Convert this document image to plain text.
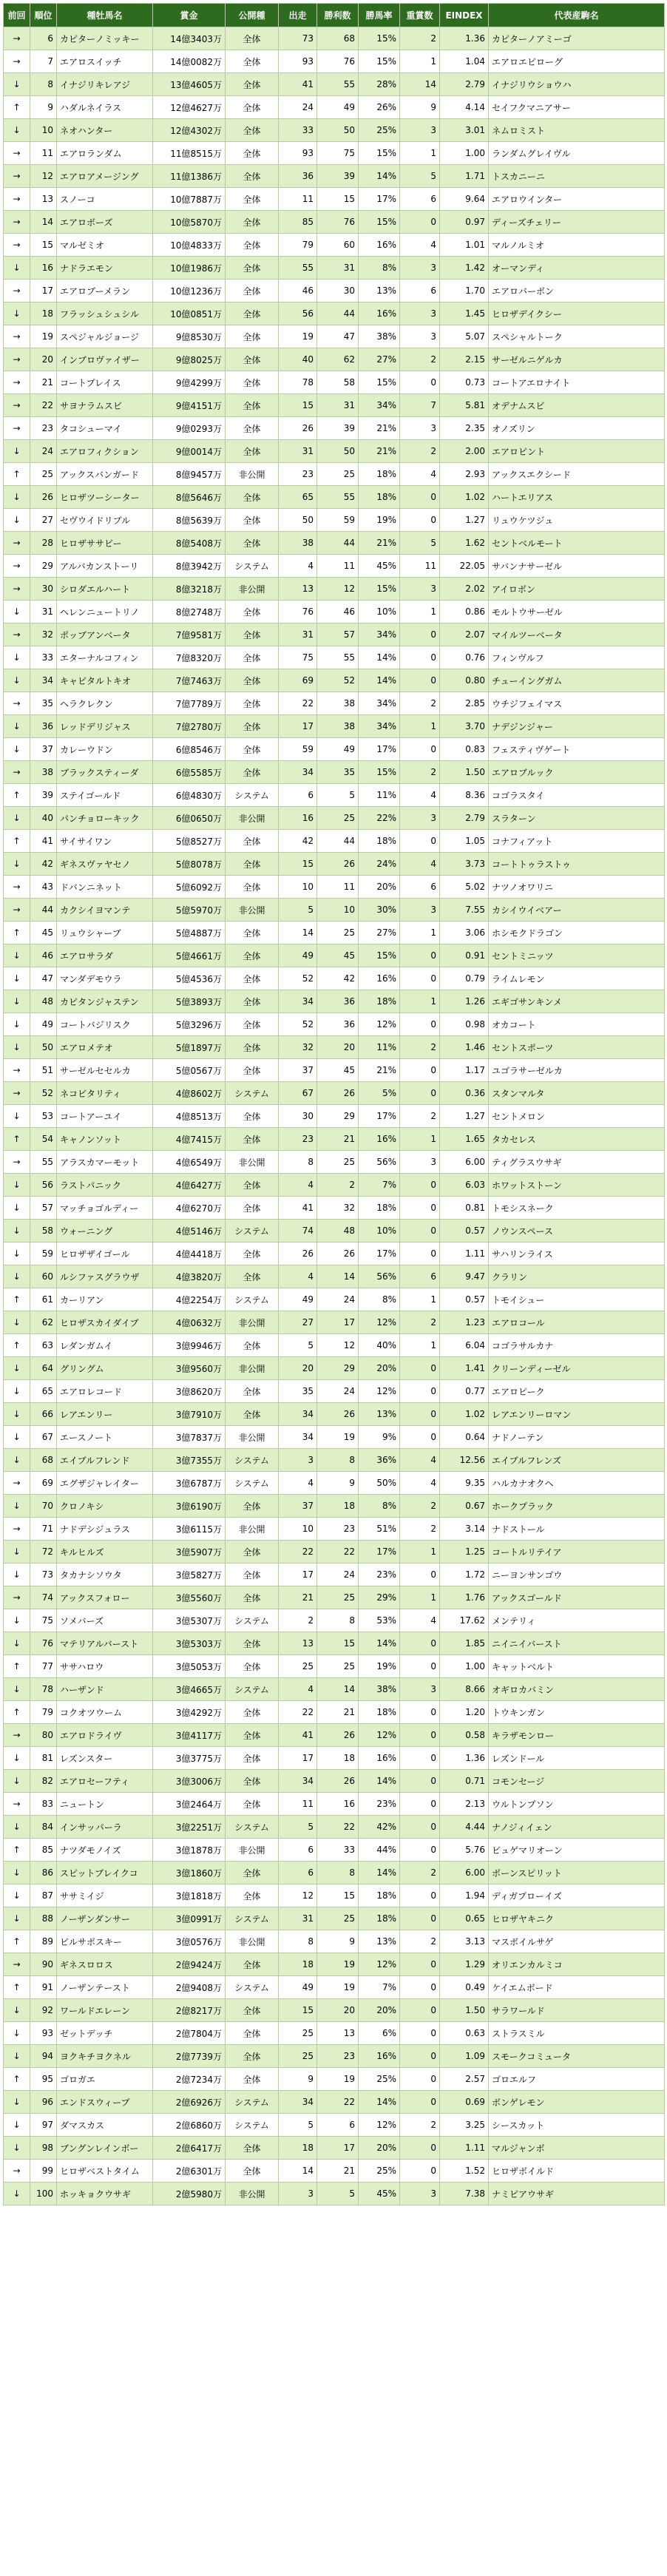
前回	順位	種牡馬名	賞金	公開種	出走	勝利数	勝馬率	重賞数	EINDEX	代表産駒名
→	6	カピターノミッキー	14億3403万	全体	73	68	15%	2	1.36	カピターノアミーゴ
→	7	エアロスイッチ	14億0082万	全体	93	76	15%	1	1.04	エアロエピローグ
↓	8	イナジリキレアジ	13億4605万	全体	41	55	28%	14	2.79	イナジリウショウハ
↑	9	ハダルネイラス	12億4627万	全体	24	49	26%	9	4.14	セイフクマニアサー
↓	10	ネオハンター	12億4302万	全体	33	50	25%	3	3.01	ネムロミスト
→	11	エアロランダム	11億8515万	全体	93	75	15%	1	1.00	ランダムグレイヴル
→	12	エアロアメージング	11億1386万	全体	36	39	14%	5	1.71	トスカニーニ
→	13	スノーコ	10億7887万	全体	11	15	17%	6	9.64	エアロウインター
→	14	エアロボーズ	10億5870万	全体	85	76	15%	0	0.97	ディーズチェリー
→	15	マルゼミオ	10億4833万	全体	79	60	16%	4	1.01	マルノルミオ
↓	16	ナドラエモン	10億1986万	全体	55	31	8%	3	1.42	オーマンディ
→	17	エアロブーメラン	10億1236万	全体	46	30	13%	6	1.70	エアロバーボン
↓	18	フラッシュシュシル	10億0851万	全体	56	44	16%	3	1.45	ヒロザデイクシー
→	19	スペジャルジョージ	9億8530万	全体	19	47	38%	3	5.07	スペシャルトーク
→	20	インブロヴァイザー	9億8025万	全体	40	62	27%	2	2.15	サーゼルニゲルカ
→	21	コートプレイス	9億4299万	全体	78	58	15%	0	0.73	コートアエロナイト
→	22	サヨナラムスビ	9億4151万	全体	15	31	34%	7	5.81	オデナムスビ
→	23	タコシューマイ	9億0293万	全体	26	39	21%	3	2.35	オノズリン
↓	24	エアロフィクション	9億0014万	全体	31	50	21%	2	2.00	エアロピント
↑	25	アックスバンガード	8億9457万	非公開	23	25	18%	4	2.93	アックスエクシード
↓	26	ヒロザツーシーター	8億5646万	全体	65	55	18%	0	1.02	ハートエリアス
↓	27	セヴウイドリブル	8億5639万	全体	50	59	19%	0	1.27	リュウケツジュ
→	28	ヒロザササビー	8億5408万	全体	38	44	21%	5	1.62	セントベルモート
→	29	アルバカンストーリ	8億3942万	システム	4	11	45%	11	22.05	サバンナサーゼル
→	30	シロダエルハート	8億3218万	非公開	13	12	15%	3	2.02	アイロボン
↓	31	ヘレンニュートリノ	8億2748万	全体	76	46	10%	1	0.86	モルトウサーゼル
→	32	ポッブアンベータ	7億9581万	全体	31	57	34%	0	2.07	マイルツーベータ
↓	33	エターナルコフィン	7億8320万	全体	75	55	14%	0	0.76	フィンヴルフ
↓	34	キャピタルトキオ	7億7463万	全体	69	52	14%	0	0.80	チューイングガム
→	35	ヘラクレクン	7億7789万	全体	22	38	34%	2	2.85	ウチジフェイマス
↓	36	レッドデリジャス	7億2780万	全体	17	38	34%	1	3.70	ナデジンジャー
↓	37	カレーウドン	6億8546万	全体	59	49	17%	0	0.83	フェスティヴゲート
→	38	ブラックスティーダ	6億5585万	全体	34	35	15%	2	1.50	エアロブルック
↑	39	ステイゴールド	6億4830万	システム	6	5	11%	4	8.36	コゴラスタイ
↓	40	パンチョローキック	6億0650万	非公開	16	25	22%	3	2.79	スラターン
↑	41	サイサイワン	5億8527万	全体	42	44	18%	0	1.05	コナフィアット
↓	42	ギネスヴァヤセノ	5億8078万	全体	15	26	24%	4	3.73	コートトゥラストゥ
→	43	ドバンニネット	5億6092万	全体	10	11	20%	6	5.02	ナツノオワリニ
→	44	カクシイヨマンテ	5億5970万	非公開	5	10	30%	3	7.55	カシイウイベアー
↑	45	リュウシャーブ	5億4887万	全体	14	25	27%	1	3.06	ホシモクドラゴン
↓	46	エアロサラダ	5億4661万	全体	49	45	15%	0	0.91	セントミニッツ
↓	47	マンダデモウラ	5億4536万	全体	52	42	16%	0	0.79	ライムレモン
↓	48	カピタンジャステン	5億3893万	全体	34	36	18%	1	1.26	エギゴサンキンメ
↓	49	コートバジリスク	5億3296万	全体	52	36	12%	0	0.98	オカコート
↓	50	エアロメテオ	5億1897万	全体	32	20	11%	2	1.46	セントスポーツ
→	51	サーゼルセセルカ	5億0567万	全体	37	45	21%	0	1.17	ユゴラサーゼルカ
→	52	ネコビタリティ	4億8602万	システム	67	26	5%	0	0.36	スタンマルタ
↓	53	コートアーユイ	4億8513万	全体	30	29	17%	2	1.27	セントメロン
↑	54	キャノンソット	4億7415万	全体	23	21	16%	1	1.65	タカセレス
→	55	アラスカマーモット	4億6549万	非公開	8	25	56%	3	6.00	ティグラスウサギ
↓	56	ラストパニック	4億6427万	全体	4	2	7%	0	6.03	ホワットストーン
↓	57	マッチョゴルディー	4億6270万	全体	41	32	18%	0	0.81	トモシスネーク
↓	58	ウォーニング	4億5146万	システム	74	48	10%	0	0.57	ノウンスペース
↓	59	ヒロザザイゴール	4億4418万	全体	26	26	17%	0	1.11	サハリンライス
↓	60	ルシファスグラウザ	4億3820万	全体	4	14	56%	6	9.47	クラリン
↑	61	カーリアン	4億2254万	システム	49	24	8%	1	0.57	トモイシュー
↓	62	ヒロザスカイダイブ	4億0632万	非公開	27	17	12%	2	1.23	エアロコール
↑	63	レダンガムイ	3億9946万	全体	5	12	40%	1	6.04	コゴラサルカナ
↓	64	グリングム	3億9560万	非公開	20	29	20%	0	1.41	クリーンディーゼル
↓	65	エアロレコード	3億8620万	全体	35	24	12%	0	0.77	エアロピーク
↓	66	レアエンリー	3億7910万	全体	34	26	13%	0	1.02	レアエンリーロマン
↓	67	エースノート	3億7837万	非公開	34	19	9%	0	0.64	ナドノーテン
↓	68	エイブルフレンド	3億7355万	システム	3	8	36%	4	12.56	エイブルフレンズ
→	69	エグザジャレイター	3億6787万	システム	4	9	50%	4	9.35	ハルカナオクヘ
↓	70	クロノキシ	3億6190万	全体	37	18	8%	2	0.67	ホークプラック
→	71	ナドデシジュラス	3億6115万	非公開	10	23	51%	2	3.14	ナドストール
↓	72	キルヒルズ	3億5907万	全体	22	22	17%	1	1.25	コートルリテイア
↓	73	タカナシソウタ	3億5827万	全体	17	24	23%	0	1.72	ニーヨンサンゴウ
→	74	アックスフォロー	3億5560万	全体	21	25	29%	1	1.76	アックスゴールド
↓	75	ソメバーズ	3億5307万	システム	2	8	53%	4	17.62	メンテリィ
↓	76	マテリアルバースト	3億5303万	全体	13	15	14%	0	1.85	ニイニイバースト
↑	77	ササハロウ	3億5053万	全体	25	25	19%	0	1.00	キャットベルト
↓	78	ハーザンド	3億4665万	システム	4	14	38%	3	8.66	オギロカバミン
↑	79	コクオツウーム	3億4292万	全体	22	21	18%	0	1.20	トウキンガン
→	80	エアロドライヴ	3億4117万	全体	41	26	12%	0	0.58	キラザモンロー
↓	81	レズンスター	3億3775万	全体	17	18	16%	0	1.36	レズンドール
↓	82	エアロセーフティ	3億3006万	全体	34	26	14%	0	0.71	コモンセージ
→	83	ニュートン	3億2464万	全体	11	16	23%	0	2.13	ウルトンプソン
↓	84	インサッパーラ	3億2251万	システム	5	22	42%	0	4.44	ナノジィイェン
↑	85	ナツダモノイズ	3億1878万	非公開	6	33	44%	0	5.76	ビュゲマリオーン
↓	86	スピットブレイクコ	3億1860万	全体	6	8	14%	2	6.00	ボーンスピリット
↓	87	ササミイジ	3億1818万	全体	12	15	18%	0	1.94	ディガプローイズ
↓	88	ノーザンダンサー	3億0991万	システム	31	25	18%	0	0.65	ヒロザヤキニク
↑	89	ビルサポスキー	3億0576万	非公開	8	9	13%	2	3.13	マスボイルサゲ
→	90	ギネスロロス	2億9424万	全体	18	19	12%	0	1.29	オリエンカルミコ
↑	91	ノーザンテースト	2億9408万	システム	49	19	7%	0	0.49	ケイエムボード
↓	92	ワールドエレーン	2億8217万	全体	15	20	20%	0	1.50	サラワールド
↓	93	ゼットデッチ	2億7804万	全体	25	13	6%	0	0.63	ストラスミル
↓	94	ヨクキチヨクネル	2億7739万	全体	25	23	16%	0	1.09	スモークコミュータ
↑	95	ゴロガエ	2億7234万	全体	9	19	25%	0	2.57	ゴロエルフ
↓	96	エンドスウィープ	2億6926万	システム	34	22	14%	0	0.69	ボンゲレモン
↓	97	ダマスカス	2億6860万	システム	5	6	12%	2	3.25	シースカット
↓	98	ブングンレインボー	2億6417万	全体	18	17	20%	0	1.11	マルジャンボ
→	99	ヒロザベストタイム	2億6301万	全体	14	21	25%	0	1.52	ヒロザボイルド
↓	100	ホッキョクウサギ	2億5980万	非公開	3	5	45%	3	7.38	ナミピアウサギ
